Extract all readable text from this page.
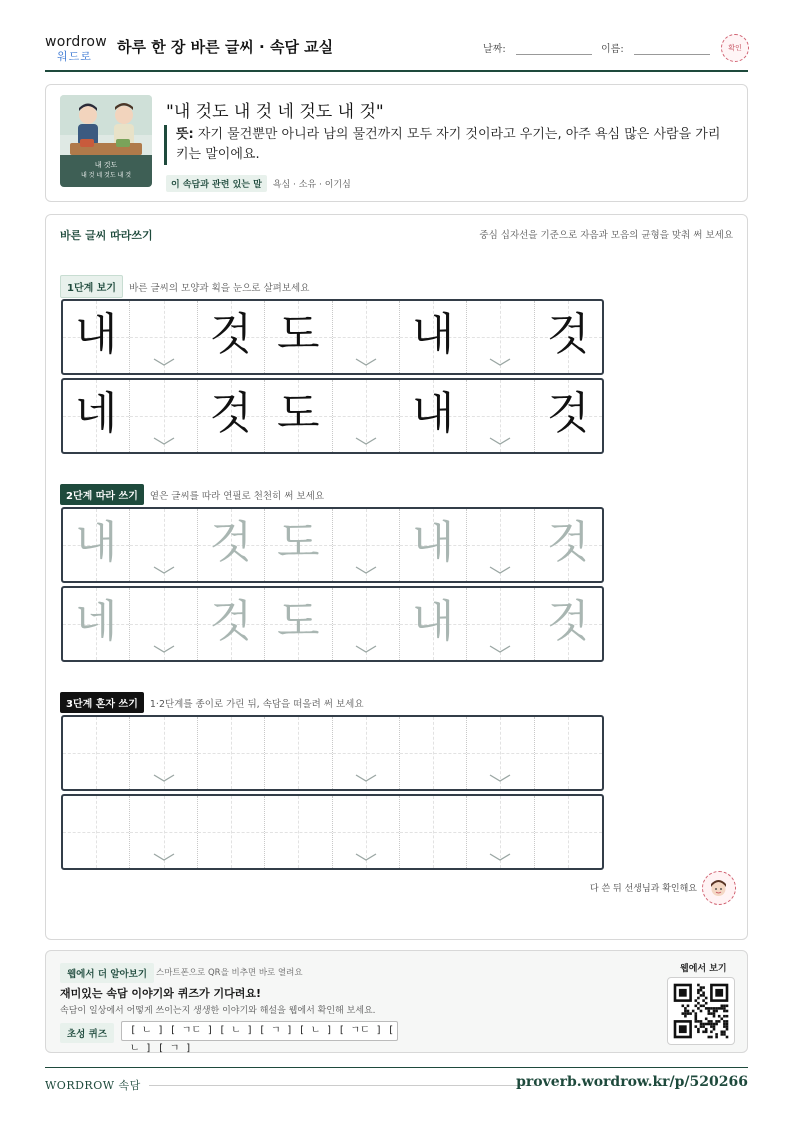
wordrow
워드로
하루 한 장 바른 글씨 · 속담 교실	날짜:	이름:	확인
내 것도
내 것 네 것도 내 것
"내 것도 내 것 네 것도 내 것"
뜻: 자기 물건뿐만 아니라 남의 물건까지 모두 자기 것이라고 우기는, 아주 욕심 많은 사람을 가리키는 말이에요.
이 속담과 관련 있는 말 욕심 · 소유 · 이기심
바른 글씨 따라쓰기	중심 십자선을 기준으로 자음과 모음의 균형을 맞춰 써 보세요
1단계 보기 바른 글씨의 모양과 획을 눈으로 살펴보세요
내 것 도 내 것
네 것 도 내 것
2단계 따라 쓰기 옅은 글씨를 따라 연필로 천천히 써 보세요
내 것 도 내 것
네 것 도 내 것
3단계 혼자 쓰기 1·2단계를 종이로 가린 뒤, 속담을 떠올려 써 보세요
다 쓴 뒤 선생님과 확인해요
웹에서 더 알아보기	스마트폰으로 QR을 비추면 바로 열려요
재미있는 속담 이야기와 퀴즈가 기다려요!
속담이 일상에서 어떻게 쓰이는지 생생한 이야기와 해설을 웹에서 확인해 보세요.
초성 퀴즈	[ ㄴ ] [ ㄱㄷ ] [ ㄴ ] [ ㄱ ] [ ㄴ ] [ ㄱㄷ ] [ ㄴ ] [ ㄱ ]
웹에서 보기
WORDROW 속담	proverb.wordrow.kr/p/520266
